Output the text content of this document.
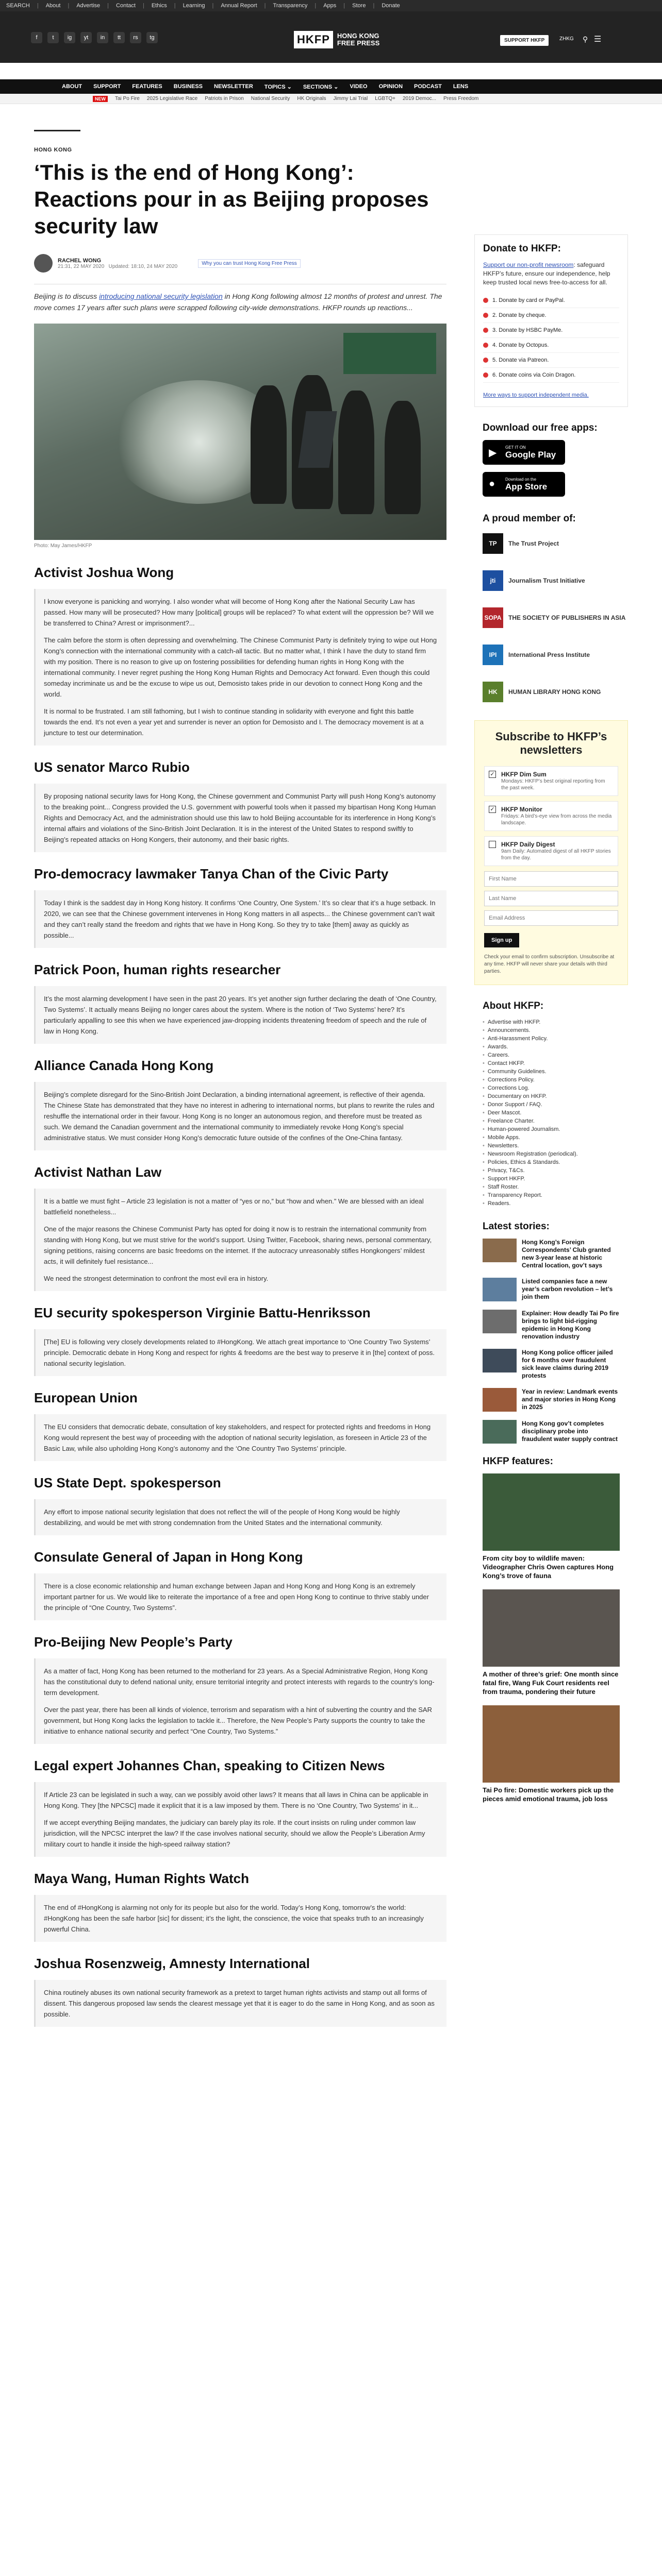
SEARCH | About | Advertise | Contact | Ethics | Learning | Annual Report | Transparency | Apps | Store | Donate
f	t	ig	yt	in	tt	rs	tg	HKFP	HONG KONG
FREE PRESS	SUPPORT HKFP	ZHKG ⚲ ☰
ABOUT SUPPORT FEATURES BUSINESS NEWSLETTER TOPICS ⌄ SECTIONS ⌄ VIDEO OPINION PODCAST LENS
NEW	Tai Po Fire 2025 Legislative Race Patriots in Prison National Security HK Originals Jimmy Lai Trial LGBTQ+ 2019 Democ... Press Freedom
HONG KONG
‘This is the end of Hong Kong’: Reactions pour in as Beijing proposes security law
RACHEL WONG
21:31, 22 MAY 2020 Updated: 18:10, 24 MAY 2020
Why you can trust Hong Kong Free Press
Beijing is to discuss introducing national security legislation in Hong Kong following almost 12 months of protest and unrest. The move comes 17 years after such plans were scrapped following city-wide demonstrations. HKFP rounds up reactions...
Photo: May James/HKFP
Activist Joshua Wong

I know everyone is panicking and worrying. I also wonder what will become of Hong Kong after the National Security Law has passed. How many will be prosecuted? How many [political] groups will be replaced? To what extent will the oppression be? Will we be transferred to China? Arrest or imprisonment?...

The calm before the storm is often depressing and overwhelming. The Chinese Communist Party is definitely trying to wipe out Hong Kong’s connection with the international community with a catch-all tactic. But no matter what, I think I have the duty to stand firm with my position. There is no reason to give up on fostering possibilities for defending human rights in Hong Kong with the international community. I never regret pushing the Hong Kong Human Rights and Democracy Act forward. Even though this could someday incriminate us and be the excuse to wipe us out, Demosisto takes pride in our devotion to connect Hong Kong and the world.

It is normal to be frustrated. I am still fathoming, but I wish to continue standing in solidarity with everyone and fight this battle towards the end. It’s not even a year yet and surrender is never an option for Demosisto and I. The democracy movement is at a juncture to test our determination.

US senator Marco Rubio

By proposing national security laws for Hong Kong, the Chinese government and Communist Party will push Hong Kong’s autonomy to the breaking point... Congress provided the U.S. government with powerful tools when it passed my bipartisan Hong Kong Human Rights and Democracy Act, and the administration should use this law to hold Beijing accountable for its interference in Hong Kong’s internal affairs and violations of the Sino-British Joint Declaration. It is in the interest of the United States to respond swiftly to Beijing’s repeated attacks on Hong Kongers, their autonomy, and their basic rights.

Pro-democracy lawmaker Tanya Chan of the Civic Party

Today I think is the saddest day in Hong Kong history. It confirms ‘One Country, One System.’ It’s so clear that it’s a huge setback. In 2020, we can see that the Chinese government intervenes in Hong Kong matters in all aspects... the Chinese government can’t wait and they can’t really stand the freedom and rights that we have in Hong Kong. So they try to take [them] away as quickly as possible...

Patrick Poon, human rights researcher

It’s the most alarming development I have seen in the past 20 years. It’s yet another sign further declaring the death of ‘One Country, Two Systems’. It actually means Beijing no longer cares about the system. Where is the notion of ‘Two Systems’ here? It’s particularly appalling to see this when we have experienced jaw-dropping incidents threatening freedom of speech and the rule of law in Hong Kong.

Alliance Canada Hong Kong

Beijing’s complete disregard for the Sino-British Joint Declaration, a binding international agreement, is reflective of their agenda. The Chinese State has demonstrated that they have no interest in adhering to international norms, but plans to rewrite the rules and reshuffle the international order in their favour. Hong Kong is no longer an autonomous region, and therefore must be treated as such. We demand the Canadian government and the international community to immediately revoke Hong Kong’s special administrative status. We must consider Hong Kong’s democratic future outside of the confines of the One-China fantasy.

Activist Nathan Law

It is a battle we must fight – Article 23 legislation is not a matter of “yes or no,” but “how and when.” We are blessed with an ideal battlefield nonetheless...

One of the major reasons the Chinese Communist Party has opted for doing it now is to restrain the international community from standing with Hong Kong, but we must strive for the world’s support. Using Twitter, Facebook, sharing news, personal commentary, signing petitions, raising concerns are basic freedoms on the internet. If the autocracy unreasonably stifles Hongkongers’ mildest acts, it will definitely fuel resistance...

We need the strongest determination to confront the most evil era in history.

EU security spokesperson Virginie Battu-Henriksson

[The] EU is following very closely developments related to #HongKong. We attach great importance to ‘One Country Two Systems’ principle. Democratic debate in Hong Kong and respect for rights & freedoms are the best way to preserve it in [the] context of poss. national security legislation.

European Union

The EU considers that democratic debate, consultation of key stakeholders, and respect for protected rights and freedoms in Hong Kong would represent the best way of proceeding with the adoption of national security legislation, as foreseen in Article 23 of the Basic Law, while also upholding Hong Kong’s autonomy and the ‘One Country Two Systems’ principle.

US State Dept. spokesperson

Any effort to impose national security legislation that does not reflect the will of the people of Hong Kong would be highly destabilizing, and would be met with strong condemnation from the United States and the international community.

Consulate General of Japan in Hong Kong

There is a close economic relationship and human exchange between Japan and Hong Kong and Hong Kong is an extremely important partner for us. We would like to reiterate the importance of a free and open Hong Kong to continue to thrive stably under the principle of “One Country, Two Systems”.

Pro-Beijing New People’s Party

As a matter of fact, Hong Kong has been returned to the motherland for 23 years. As a Special Administrative Region, Hong Kong has the constitutional duty to defend national unity, ensure territorial integrity and protect interests with regards to the country’s long-term development.

Over the past year, there has been all kinds of violence, terrorism and separatism with a hint of subverting the country and the SAR government, but Hong Kong lacks the legislation to tackle it... Therefore, the New People’s Party supports the country to take the initiative to enhance national security and perfect “One Country, Two Systems.”

Legal expert Johannes Chan, speaking to Citizen News

If Article 23 can be legislated in such a way, can we possibly avoid other laws? It means that all laws in China can be applicable in Hong Kong. They [the NPCSC] made it explicit that it is a law imposed by them. There is no ‘One Country, Two Systems’ in it...

If we accept everything Beijing mandates, the judiciary can barely play its role. If the court insists on ruling under common law jurisdiction, will the NPCSC interpret the law? If the case involves national security, should we allow the People’s Liberation Army military court to handle it inside the high-speed railway station?

Maya Wang, Human Rights Watch

The end of #HongKong is alarming not only for its people but also for the world. Today’s Hong Kong, tomorrow’s the world: #HongKong has been the safe harbor [sic] for dissent; it’s the light, the conscience, the voice that speaks truth to an increasingly powerful China.

Joshua Rosenzweig, Amnesty International

China routinely abuses its own national security framework as a pretext to target human rights activists and stamp out all forms of dissent. This dangerous proposed law sends the clearest message yet that it is eager to do the same in Hong Kong, and as soon as possible.

Donate to HKFP:

Support our non-profit newsroom: safeguard HKFP’s future, ensure our independence, help keep trusted local news free-to-access for all.

1. Donate by card or PayPal.
2. Donate by cheque.
3. Donate by HSBC PayMe.
4. Donate by Octopus.
5. Donate via Patreon.
6. Donate coins via Coin Dragon.
More ways to support independent media.
Download our free apps:
▶ GET IT ON
Google Play
● Download on the
App Store
A proud member of:
TP	The Trust Project
jti	Journalism Trust Initiative
SOPA THE SOCIETY OF PUBLISHERS IN ASIA
IPI	International Press Institute
HK	HUMAN LIBRARY HONG KONG
Subscribe to HKFP’s newsletters
✓ HKFP Dim Sum
Mondays: HKFP’s best original reporting from the past week.
✓ HKFP Monitor
Fridays: A bird’s-eye view from across the media landscape.
HKFP Daily Digest
9am Daily: Automated digest of all HKFP stories from the day.
First Name Last Name Email Address Sign up
Check your email to confirm subscription. Unsubscribe at any time. HKFP will never share your details with third parties.
About HKFP:
• Advertise with HKFP.
• Announcements.
• Anti-Harassment Policy.
• Awards.
• Careers.
• Contact HKFP.
• Community Guidelines.
• Corrections Policy.
• Corrections Log.
• Documentary on HKFP.
• Donor Support / FAQ.
• Deer Mascot.
• Freelance Charter.
• Human-powered Journalism.
• Mobile Apps.
• Newsletters.
• Newsroom Registration (periodical).
• Policies, Ethics & Standards.
• Privacy, T&Cs.
• Support HKFP.
• Staff Roster.
• Transparency Report.
• Readers.
Latest stories:
Hong Kong’s Foreign Correspondents’ Club granted new 3-year lease at historic Central location, gov’t says
Listed companies face a new year’s carbon revolution – let’s join them
Explainer: How deadly Tai Po fire brings to light bid-rigging epidemic in Hong Kong renovation industry
Hong Kong police officer jailed for 6 months over fraudulent sick leave claims during 2019 protests
Year in review: Landmark events and major stories in Hong Kong in 2025
Hong Kong gov’t completes disciplinary probe into fraudulent water supply contract
HKFP features:
From city boy to wildlife maven: Videographer Chris Owen captures Hong Kong’s trove of fauna
A mother of three’s grief: One month since fatal fire, Wang Fuk Court residents reel from trauma, pondering their future
Tai Po fire: Domestic workers pick up the pieces amid emotional trauma, job loss
